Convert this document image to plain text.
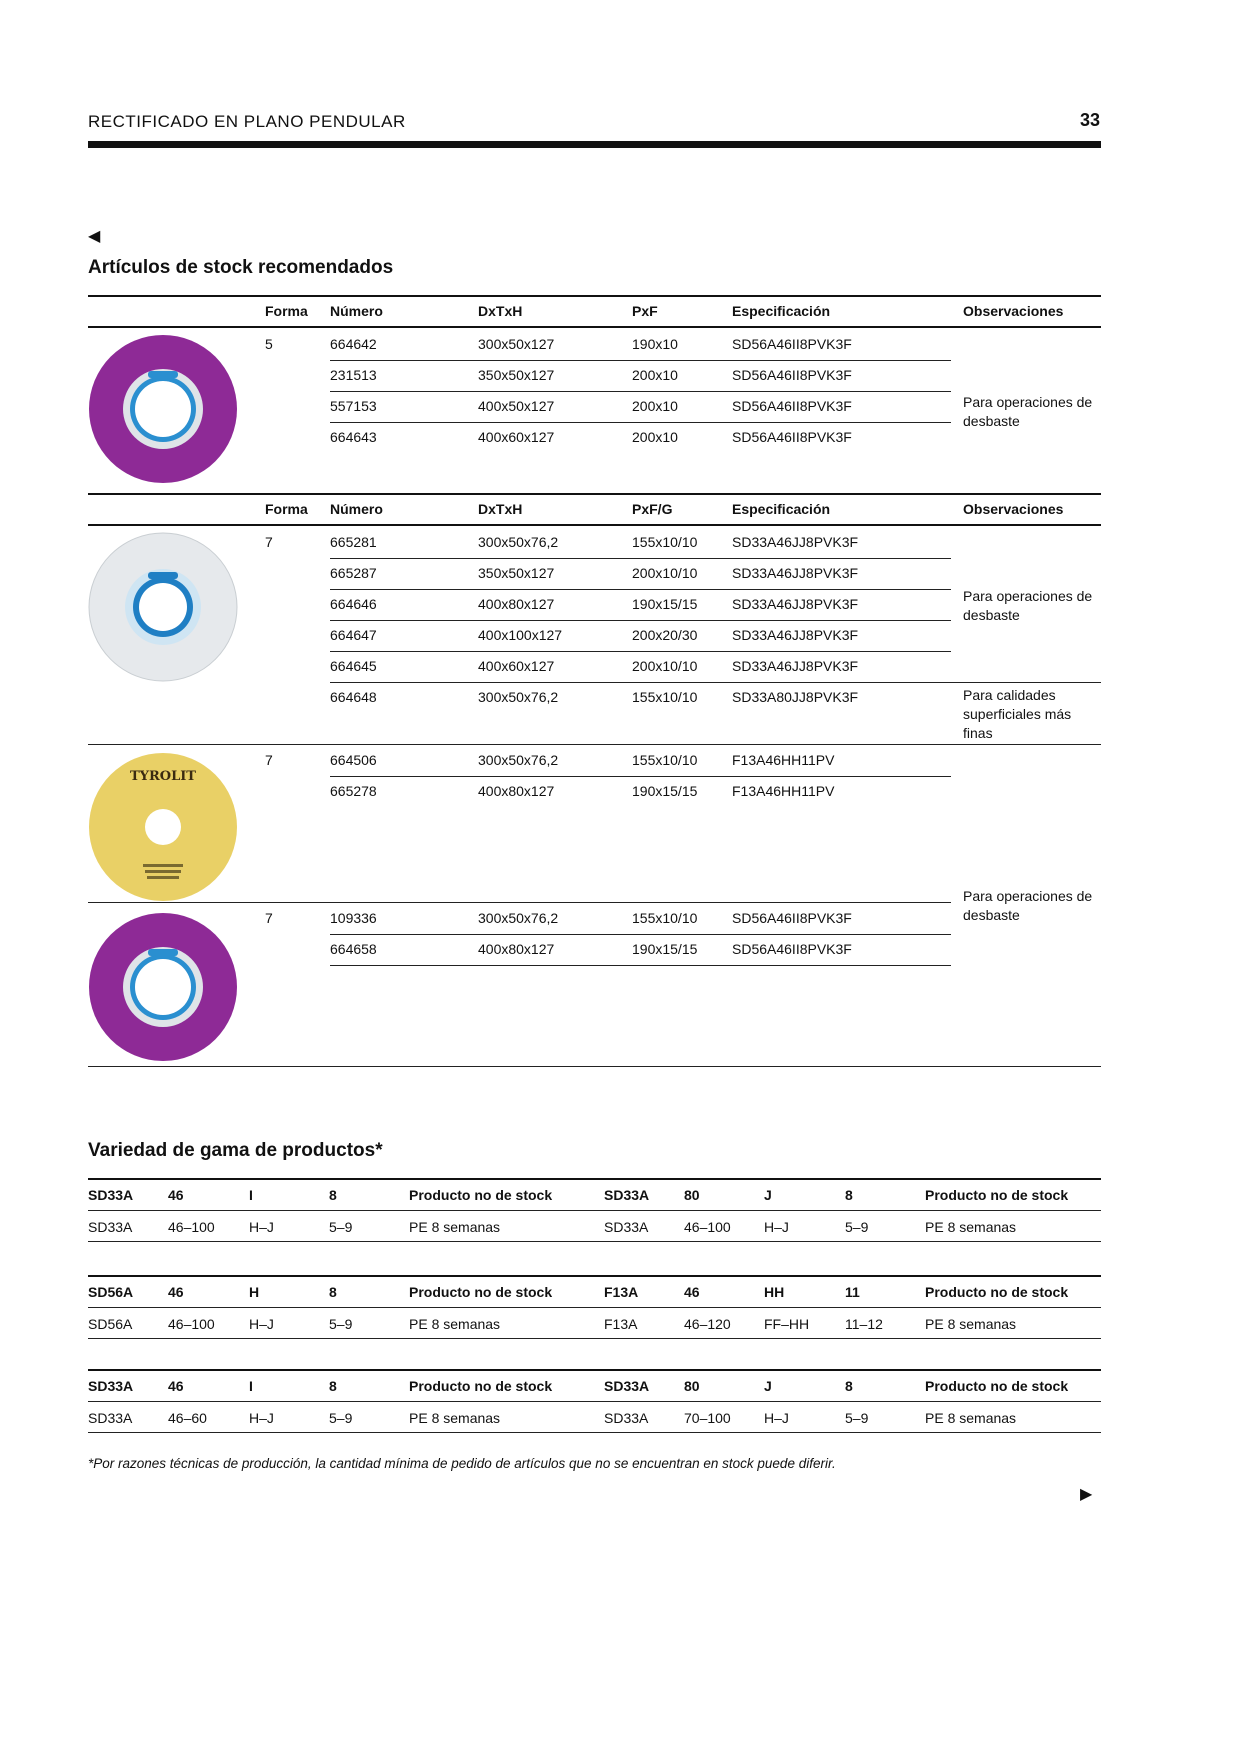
RECTIFICADO EN PLANO PENDULAR	33
◀
Artículos de stock recomendados
TYROLIT
Forma Número	DxTxH	PxF	Especificación	Observaciones
5	664642	300x50x127	190x10	SD56A46II8PVK3F
231513	350x50x127	200x10	SD56A46II8PVK3F
557153	400x50x127	200x10	SD56A46II8PVK3F
664643	400x60x127	200x10	SD56A46II8PVK3F
Para operaciones de desbaste
Forma Número	DxTxH	PxF/G	Especificación	Observaciones
7	665281	300x50x76,2	155x10/10 SD33A46JJ8PVK3F
665287	350x50x127	200x10/10 SD33A46JJ8PVK3F
664646	400x80x127	190x15/15 SD33A46JJ8PVK3F
664647	400x100x127	200x20/30 SD33A46JJ8PVK3F
664645	400x60x127	200x10/10 SD33A46JJ8PVK3F
664648	300x50x76,2	155x10/10 SD33A80JJ8PVK3F
Para operaciones de desbaste
Para calidades superficiales más finas
7	664506	300x50x76,2	155x10/10 F13A46HH11PV
665278	400x80x127	190x15/15 F13A46HH11PV
Para operaciones de desbaste
7	109336	300x50x76,2	155x10/10 SD56A46II8PVK3F
664658	400x80x127	190x15/15 SD56A46II8PVK3F
Variedad de gama de productos*
SD33A 46	I	8	Producto no de stock	SD33A 80	J	8	Producto no de stock
SD33A	46–100 H–J	5–9	PE 8 semanas	SD33A	46–100 H–J	5–9	PE 8 semanas
SD56A 46	H	8	Producto no de stock	F13A	46	HH	11	Producto no de stock
SD56A	46–100 H–J	5–9	PE 8 semanas	F13A	46–120 FF–HH	11–12	PE 8 semanas
SD33A 46	I	8	Producto no de stock	SD33A 80	J	8	Producto no de stock
SD33A	46–60	H–J	5–9	PE 8 semanas	SD33A	70–100 H–J	5–9	PE 8 semanas
*Por razones técnicas de producción, la cantidad mínima de pedido de artículos que no se encuentran en stock puede diferir.
▶
